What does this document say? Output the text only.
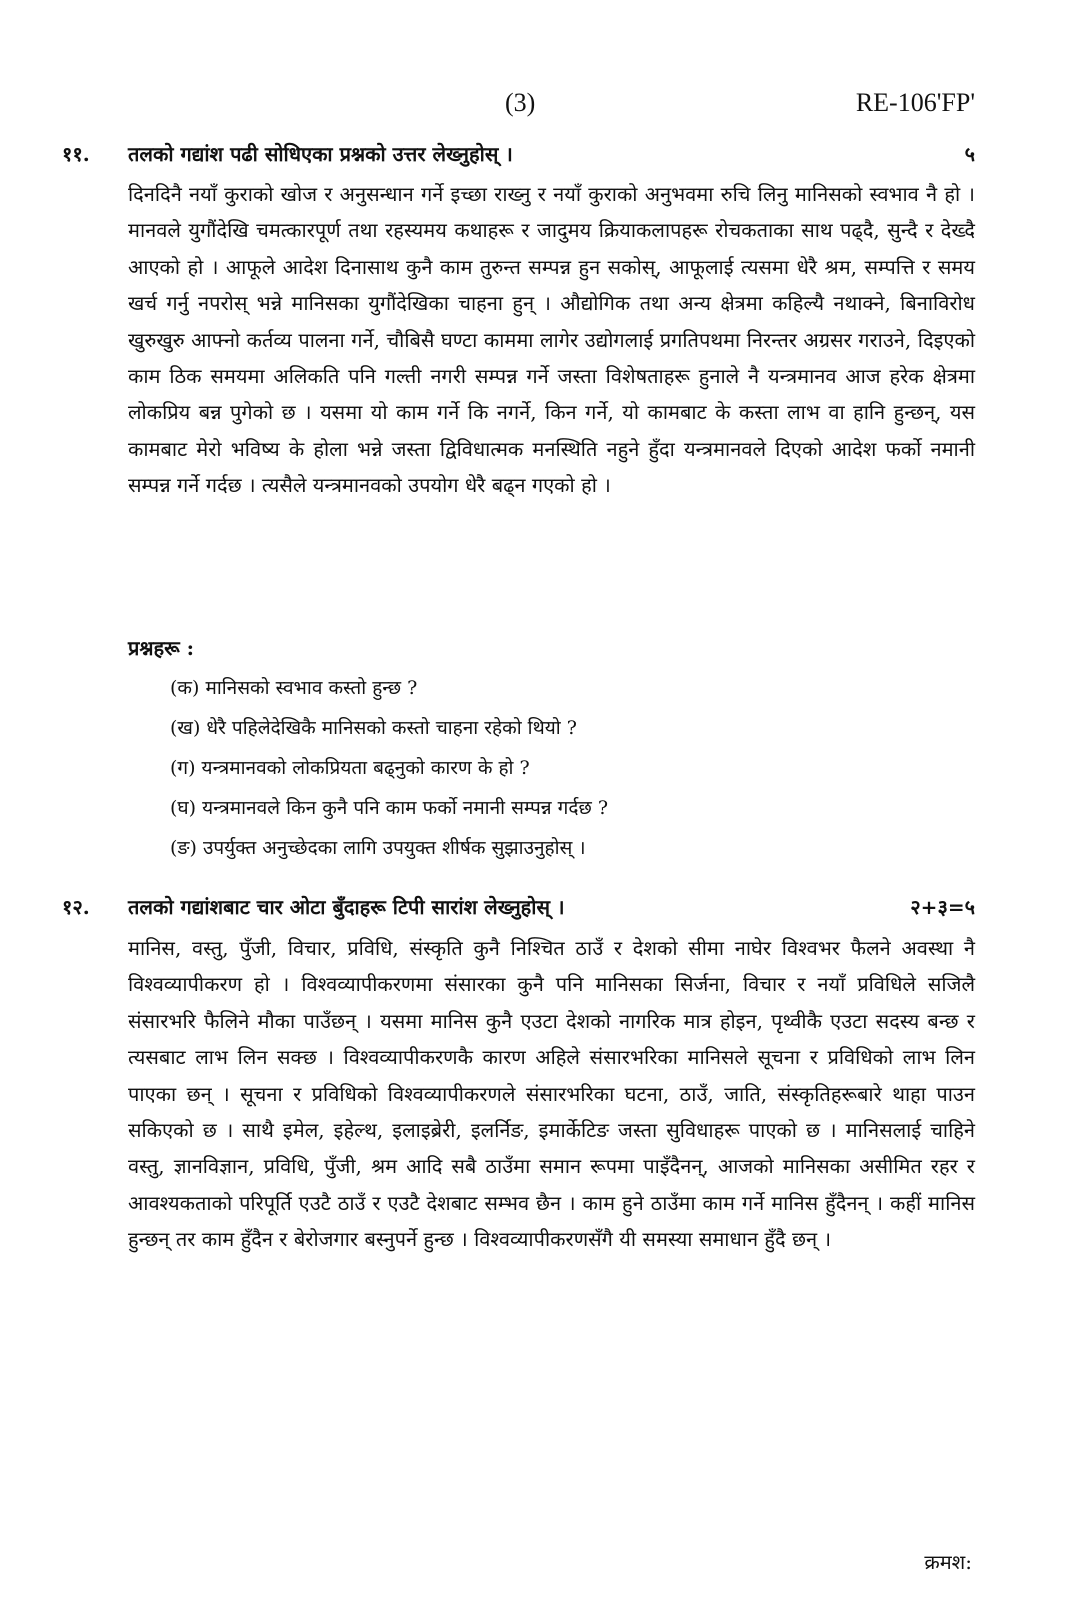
(3)	RE-106'FP'
११.	तलको गद्यांश पढी सोधिएका प्रश्नको उत्तर लेख्नुहोस् ।	५

दिनदिनै नयाँ कुराको खोज र अनुसन्धान गर्ने इच्छा राख्नु र नयाँ कुराको अनुभवमा रुचि लिनु मानिसको स्वभाव नै हो । मानवले युगौंदेखि चमत्कारपूर्ण तथा रहस्यमय कथाहरू र जादुमय क्रियाकलापहरू रोचकताका साथ पढ्दै, सुन्दै र देख्दै आएको हो । आफूले आदेश दिनासाथ कुनै काम तुरुन्त सम्पन्न हुन सकोस्, आफूलाई त्यसमा धेरै श्रम, सम्पत्ति र समय खर्च गर्नु नपरोस् भन्ने मानिसका युगौंदेखिका चाहना हुन् । औद्योगिक तथा अन्य क्षेत्रमा कहिल्यै नथाक्ने, बिनाविरोध खुरुखुरु आफ्नो कर्तव्य पालना गर्ने, चौबिसै घण्टा काममा लागेर उद्योगलाई प्रगतिपथमा निरन्तर अग्रसर गराउने, दिइएको काम ठिक समयमा अलिकति पनि गल्ती नगरी सम्पन्न गर्ने जस्ता विशेषताहरू हुनाले नै यन्त्रमानव आज हरेक क्षेत्रमा लोकप्रिय बन्न पुगेको छ । यसमा यो काम गर्ने कि नगर्ने, किन गर्ने, यो कामबाट के कस्ता लाभ वा हानि हुन्छन्, यस कामबाट मेरो भविष्य के होला भन्ने जस्ता द्विविधात्मक मनस्थिति नहुने हुँदा यन्त्रमानवले दिएको आदेश फर्को नमानी सम्पन्न गर्ने गर्दछ । त्यसैले यन्त्रमानवको उपयोग धेरै बढ्न गएको हो ।

प्रश्नहरू :
(क) मानिसको स्वभाव कस्तो हुन्छ ?
(ख) धेरै पहिलेदेखिकै मानिसको कस्तो चाहना रहेको थियो ?
(ग) यन्त्रमानवको लोकप्रियता बढ्नुको कारण के हो ?
(घ) यन्त्रमानवले किन कुनै पनि काम फर्को नमानी सम्पन्न गर्दछ ?
(ङ) उपर्युक्त अनुच्छेदका लागि उपयुक्त शीर्षक सुझाउनुहोस् ।
१२.	तलको गद्यांशबाट चार ओटा बुँदाहरू टिपी सारांश लेख्नुहोस् ।	२+३=५

मानिस, वस्तु, पुँजी, विचार, प्रविधि, संस्कृति कुनै निश्चित ठाउँ र देशको सीमा नाघेर विश्वभर फैलने अवस्था नै विश्वव्यापीकरण हो । विश्वव्यापीकरणमा संसारका कुनै पनि मानिसका सिर्जना, विचार र नयाँ प्रविधिले सजिलै संसारभरि फैलिने मौका पाउँछन् । यसमा मानिस कुनै एउटा देशको नागरिक मात्र होइन, पृथ्वीकै एउटा सदस्य बन्छ र त्यसबाट लाभ लिन सक्छ । विश्वव्यापीकरणकै कारण अहिले संसारभरिका मानिसले सूचना र प्रविधिको लाभ लिन पाएका छन् । सूचना र प्रविधिको विश्वव्यापीकरणले संसारभरिका घटना, ठाउँ, जाति, संस्कृतिहरूबारे थाहा पाउन सकिएको छ । साथै इमेल, इहेल्थ, इलाइब्रेरी, इलर्निङ, इमार्केटिङ जस्ता सुविधाहरू पाएको छ । मानिसलाई चाहिने वस्तु, ज्ञानविज्ञान, प्रविधि, पुँजी, श्रम आदि सबै ठाउँमा समान रूपमा पाइँदैनन्, आजको मानिसका असीमित रहर र आवश्यकताको परिपूर्ति एउटै ठाउँ र एउटै देशबाट सम्भव छैन । काम हुने ठाउँमा काम गर्ने मानिस हुँदैनन् । कहीं मानिस हुन्छन् तर काम हुँदैन र बेरोजगार बस्नुपर्ने हुन्छ । विश्वव्यापीकरणसँगै यी समस्या समाधान हुँदै छन् ।

क्रमश:
